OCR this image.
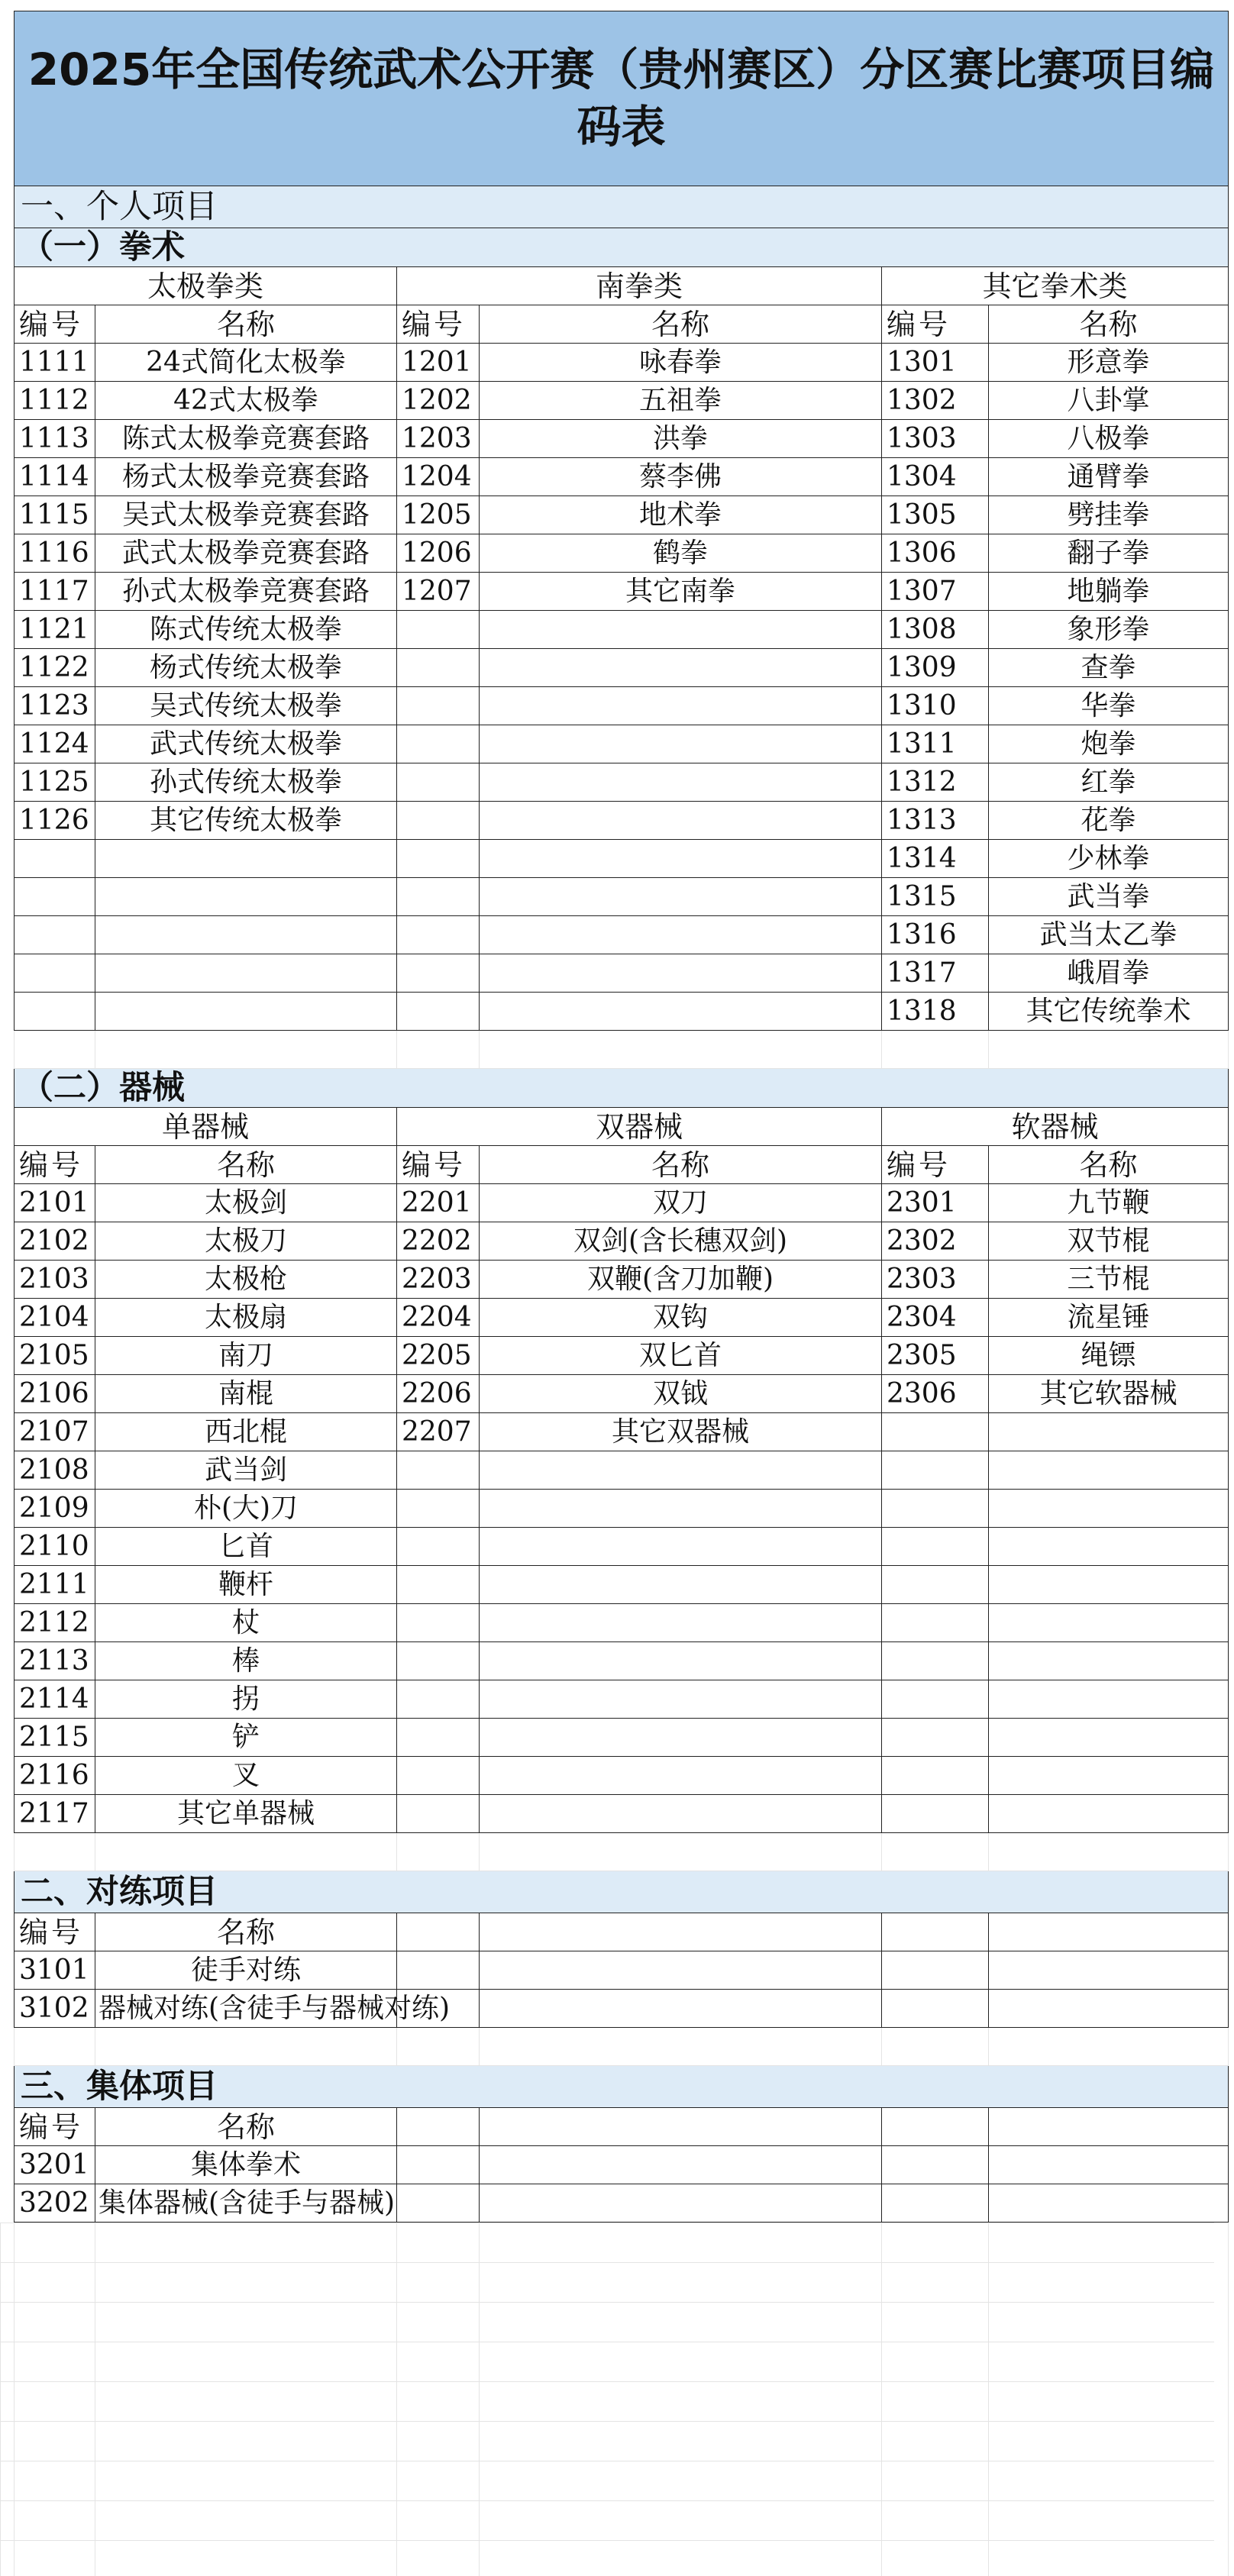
2025年全国传统武术公开赛（贵州赛区）分区赛比赛项目编码表					
一、个人项目					
（一）拳术					
太极拳类		南拳类		其它拳术类	
编号	名称	编号	名称	编号	名称
1111	24式简化太极拳	1201	咏春拳	1301	形意拳
1112	42式太极拳	1202	五祖拳	1302	八卦掌
1113	陈式太极拳竞赛套路	1203	洪拳	1303	八极拳
1114	杨式太极拳竞赛套路	1204	蔡李佛	1304	通臂拳
1115	吴式太极拳竞赛套路	1205	地术拳	1305	劈挂拳
1116	武式太极拳竞赛套路	1206	鹤拳	1306	翻子拳
1117	孙式太极拳竞赛套路	1207	其它南拳	1307	地躺拳
1121	陈式传统太极拳			1308	象形拳
1122	杨式传统太极拳			1309	查拳
1123	吴式传统太极拳			1310	华拳
1124	武式传统太极拳			1311	炮拳
1125	孙式传统太极拳			1312	红拳
1126	其它传统太极拳			1313	花拳
				1314	少林拳
				1315	武当拳
				1316	武当太乙拳
				1317	峨眉拳
				1318	其它传统拳术

（二）器械					
单器械		双器械		软器械	
编号	名称	编号	名称	编号	名称
2101	太极剑	2201	双刀	2301	九节鞭
2102	太极刀	2202	双剑(含长穗双剑)	2302	双节棍
2103	太极枪	2203	双鞭(含刀加鞭)	2303	三节棍
2104	太极扇	2204	双钩	2304	流星锤
2105	南刀	2205	双匕首	2305	绳镖
2106	南棍	2206	双钺	2306	其它软器械
2107	西北棍	2207	其它双器械		
2108	武当剑				
2109	朴(大)刀				
2110	匕首				
2111	鞭杆				
2112	杖				
2113	棒				
2114	拐				
2115	铲				
2116	叉				
2117	其它单器械				

二、对练项目					
编号	名称				
3101	徒手对练				
3102	器械对练(含徒手与器械对练)				

三、集体项目					
编号	名称				
3201	集体拳术				
3202	集体器械(含徒手与器械)				
